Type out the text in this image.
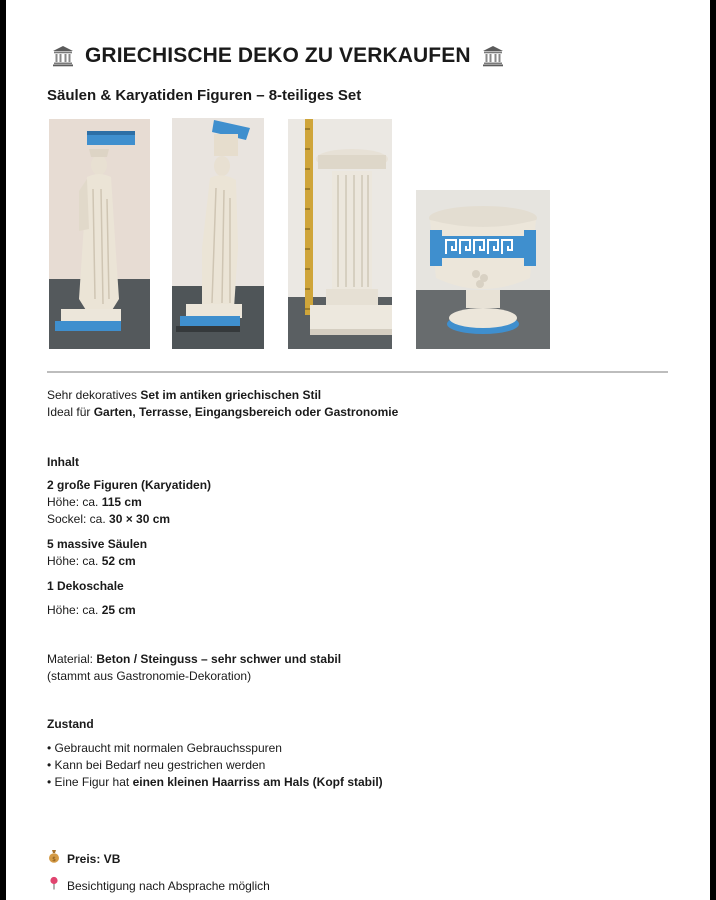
GRIECHISCHE DEKO ZU VERKAUFEN
Säulen & Karyatiden Figuren – 8-teiliges Set
Sehr dekoratives Set im antiken griechischen Stil
Ideal für Garten, Terrasse, Eingangsbereich oder Gastronomie
Inhalt
2 große Figuren (Karyatiden)
Höhe: ca. 115 cm
Sockel: ca. 30 × 30 cm
5 massive Säulen
Höhe: ca. 52 cm
1 Dekoschale
Höhe: ca. 25 cm
Material: Beton / Steinguss – sehr schwer und stabil
(stammt aus Gastronomie-Dekoration)
Zustand
• Gebraucht mit normalen Gebrauchsspuren
• Kann bei Bedarf neu gestrichen werden
• Eine Figur hat einen kleinen Haarriss am Hals (Kopf stabil)
$ Preis: VB
Besichtigung nach Absprache möglich
